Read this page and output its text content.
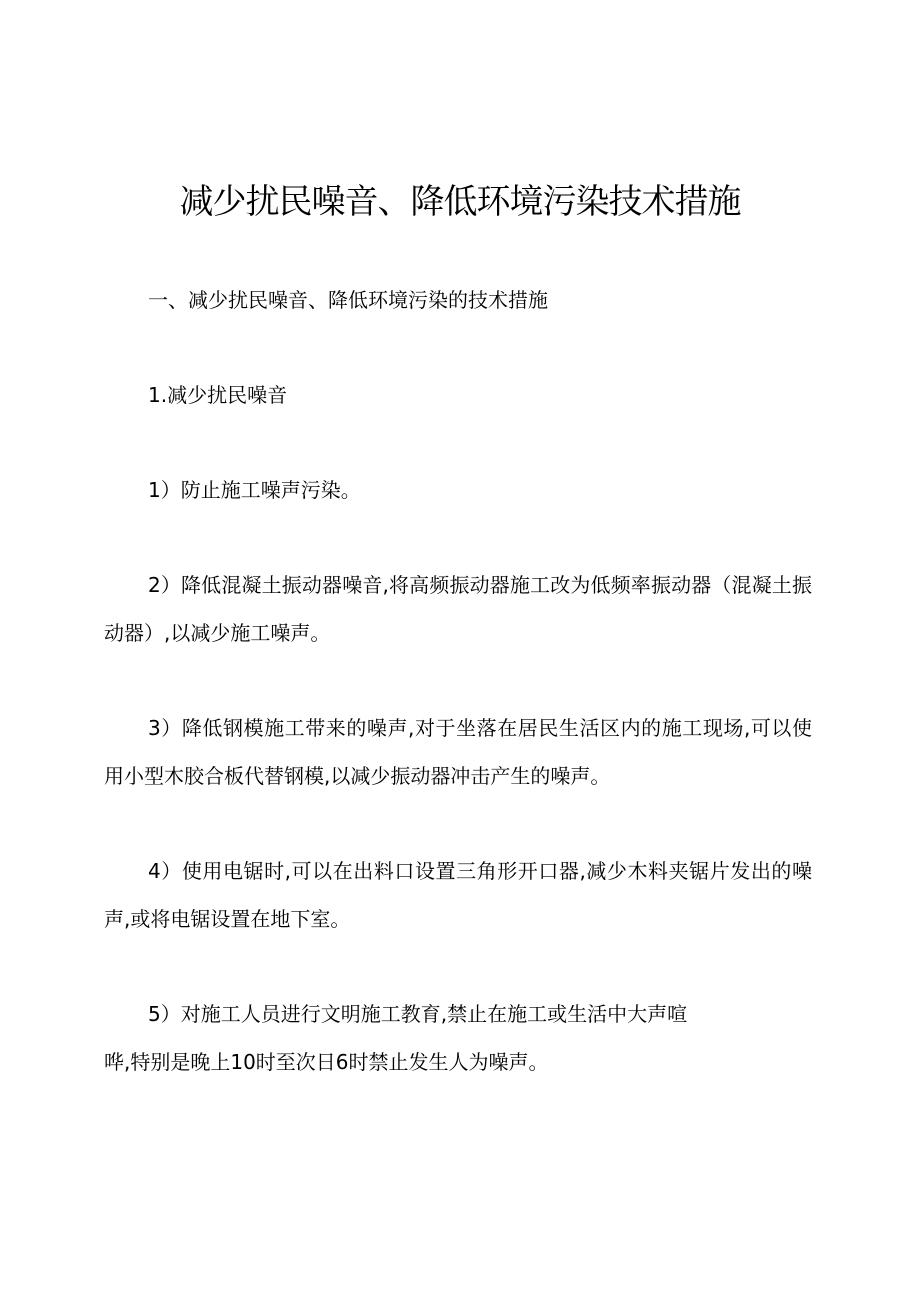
减少扰民噪音、降低环境污染技术措施
一、减少扰民噪音、降低环境污染的技术措施
1.减少扰民噪音
1）防止施工噪声污染。
2）降低混凝土振动器噪音,将高频振动器施工改为低频率振动器（混凝土振
动器）,以减少施工噪声。
3）降低钢模施工带来的噪声,对于坐落在居民生活区内的施工现场,可以使
用小型木胶合板代替钢模,以减少振动器冲击产生的噪声。
4）使用电锯时,可以在出料口设置三角形开口器,减少木料夹锯片发出的噪
声,或将电锯设置在地下室。
5）对施工人员进行文明施工教育,禁止在施工或生活中大声喧
哗,特别是晚上10时至次日6时禁止发生人为噪声。
